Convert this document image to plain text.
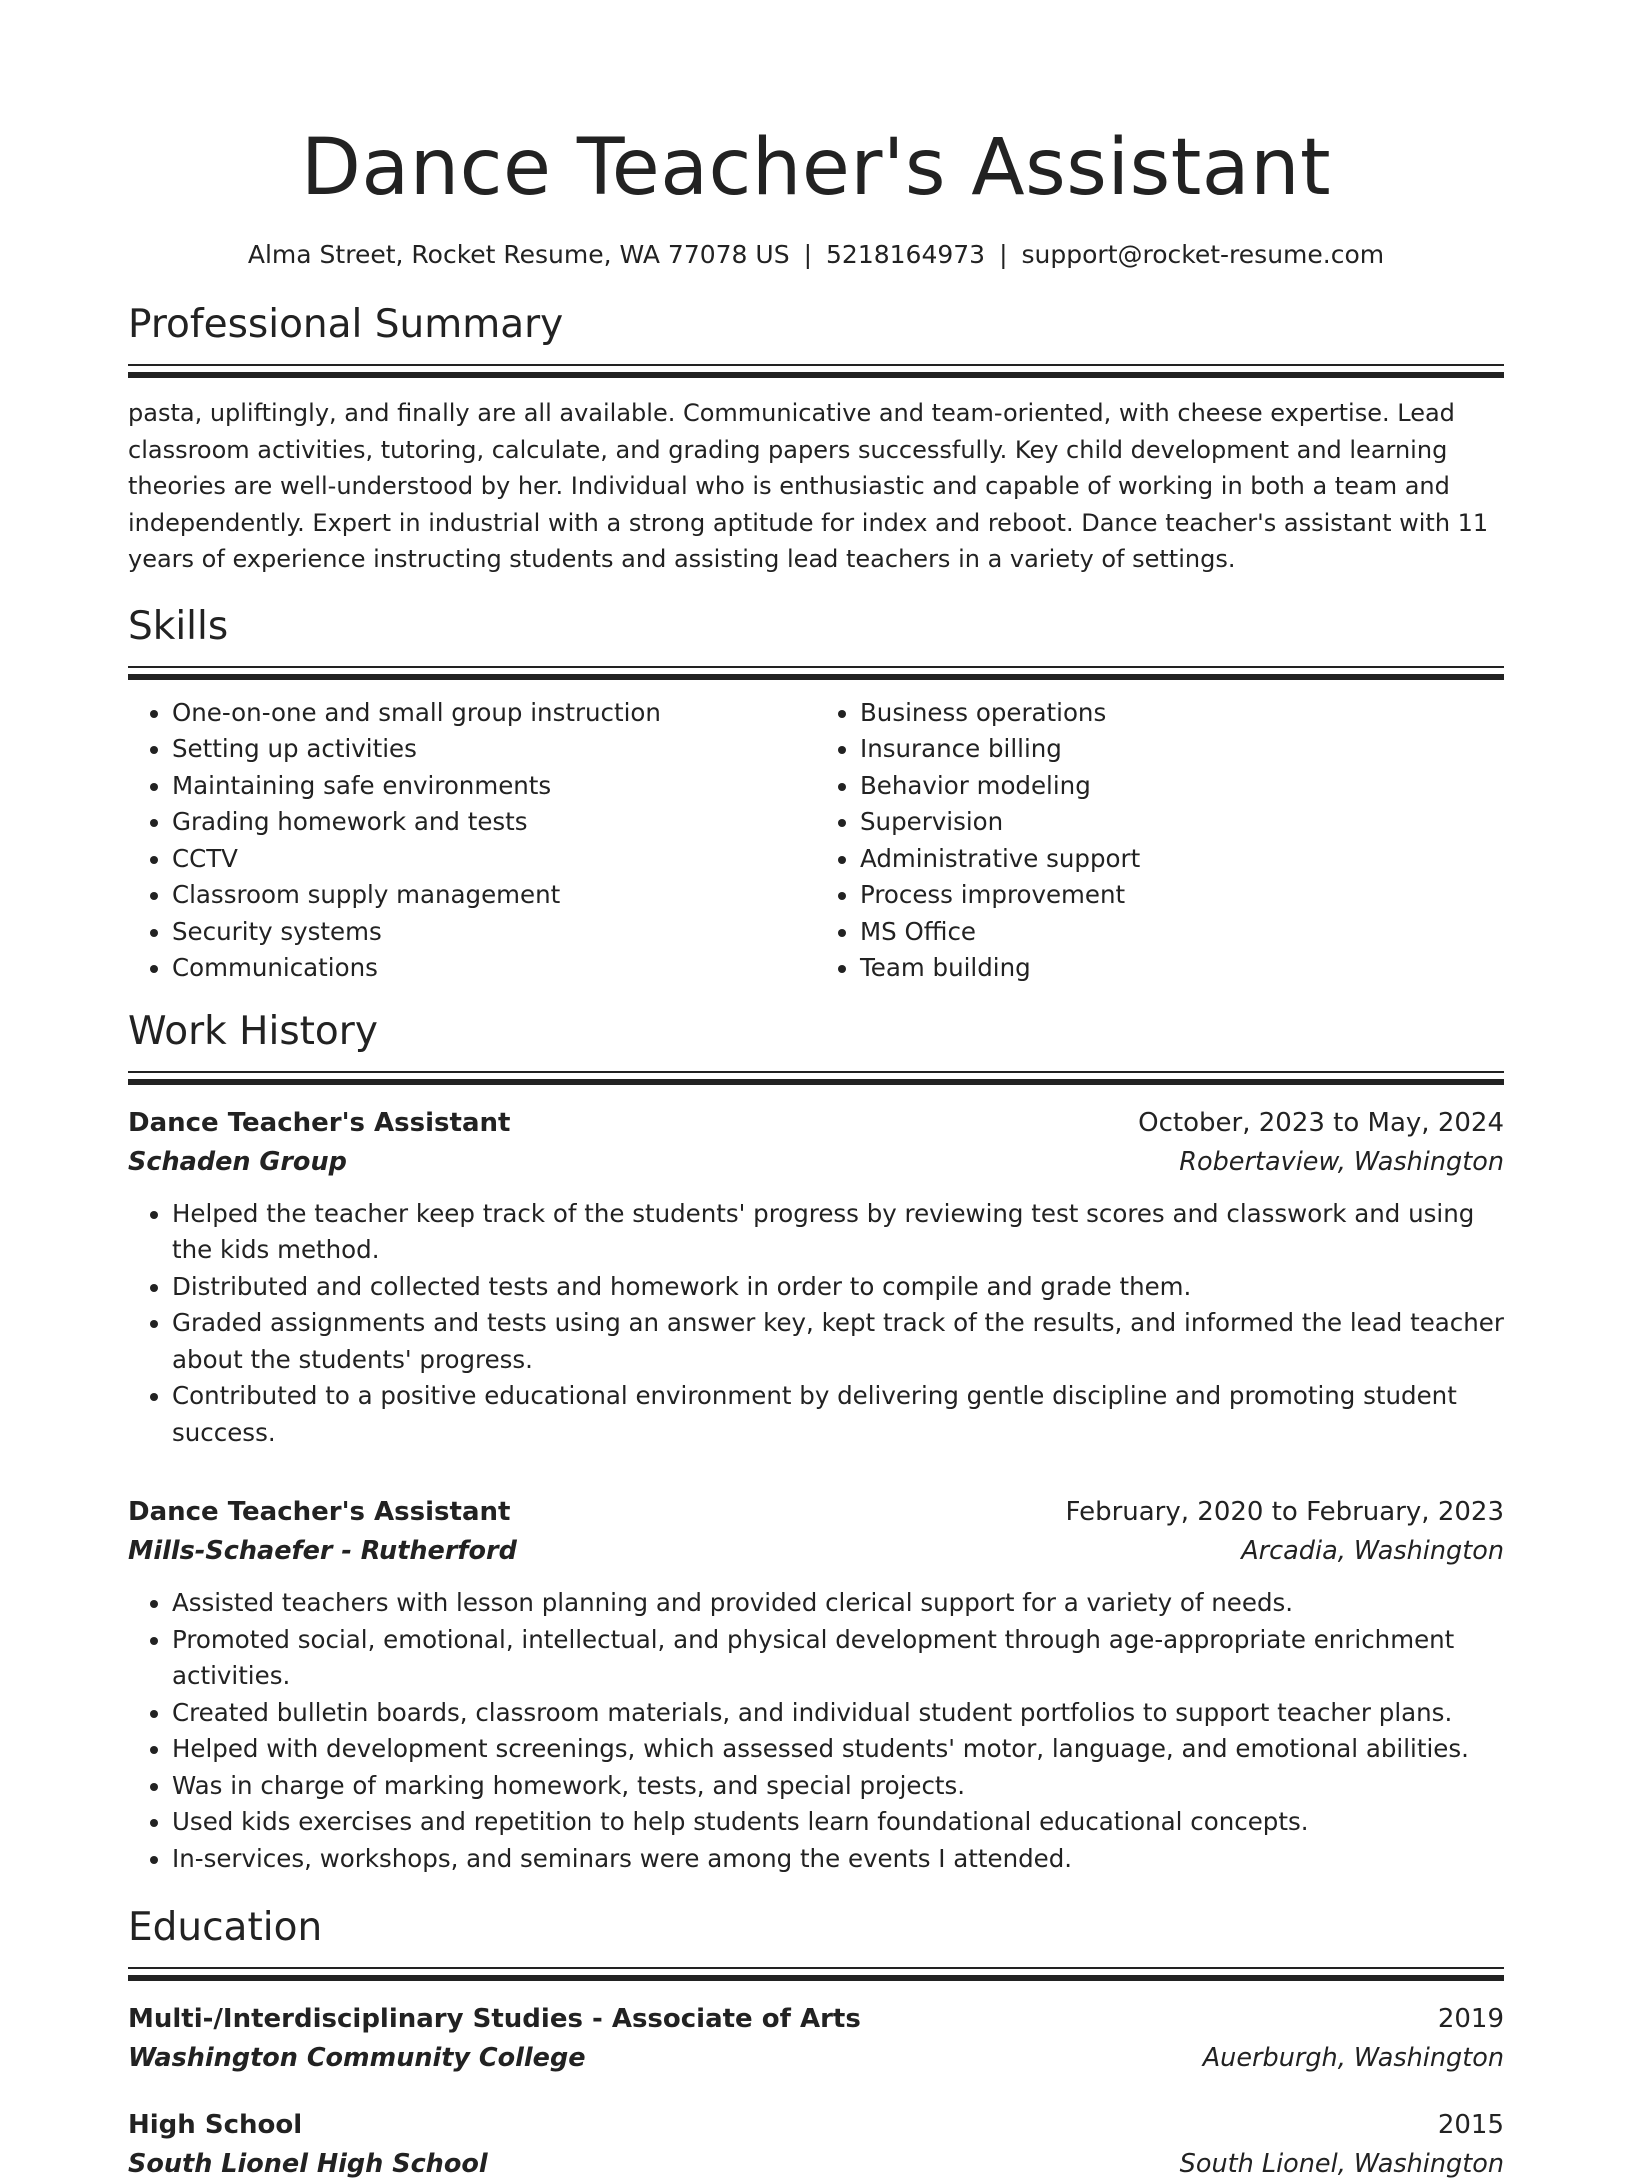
Dance Teacher's Assistant
Alma Street, Rocket Resume, WA 77078 US | 5218164973 | support@rocket-resume.com
Professional Summary

pasta, upliftingly, and finally are all available. Communicative and team-oriented, with cheese expertise. Lead classroom activities, tutoring, calculate, and grading papers successfully. Key child development and learning theories are well-understood by her. Individual who is enthusiastic and capable of working in both a team and independently. Expert in industrial with a strong aptitude for index and reboot. Dance teacher's assistant with 11 years of experience instructing students and assisting lead teachers in a variety of settings.

Skills
• One-on-one and small group instruction
• Setting up activities
• Maintaining safe environments
• Grading homework and tests
• CCTV
• Classroom supply management
• Security systems
• Communications
• Business operations
• Insurance billing
• Behavior modeling
• Supervision
• Administrative support
• Process improvement
• MS Office
• Team building
Work History
Dance Teacher's Assistant	October, 2023 to May, 2024
Schaden Group	Robertaview, Washington
• Helped the teacher keep track of the students' progress by reviewing test scores and classwork and using the kids method.
• Distributed and collected tests and homework in order to compile and grade them.
• Graded assignments and tests using an answer key, kept track of the results, and informed the lead teacher about the students' progress.
• Contributed to a positive educational environment by delivering gentle discipline and promoting student success.
Dance Teacher's Assistant	February, 2020 to February, 2023
Mills-Schaefer - Rutherford	Arcadia, Washington
• Assisted teachers with lesson planning and provided clerical support for a variety of needs.
• Promoted social, emotional, intellectual, and physical development through age-appropriate enrichment activities.
• Created bulletin boards, classroom materials, and individual student portfolios to support teacher plans.
• Helped with development screenings, which assessed students' motor, language, and emotional abilities.
• Was in charge of marking homework, tests, and special projects.
• Used kids exercises and repetition to help students learn foundational educational concepts.
• In-services, workshops, and seminars were among the events I attended.
Education
Multi-/Interdisciplinary Studies - Associate of Arts	2019
Washington Community College	Auerburgh, Washington
High School	2015
South Lionel High School	South Lionel, Washington
